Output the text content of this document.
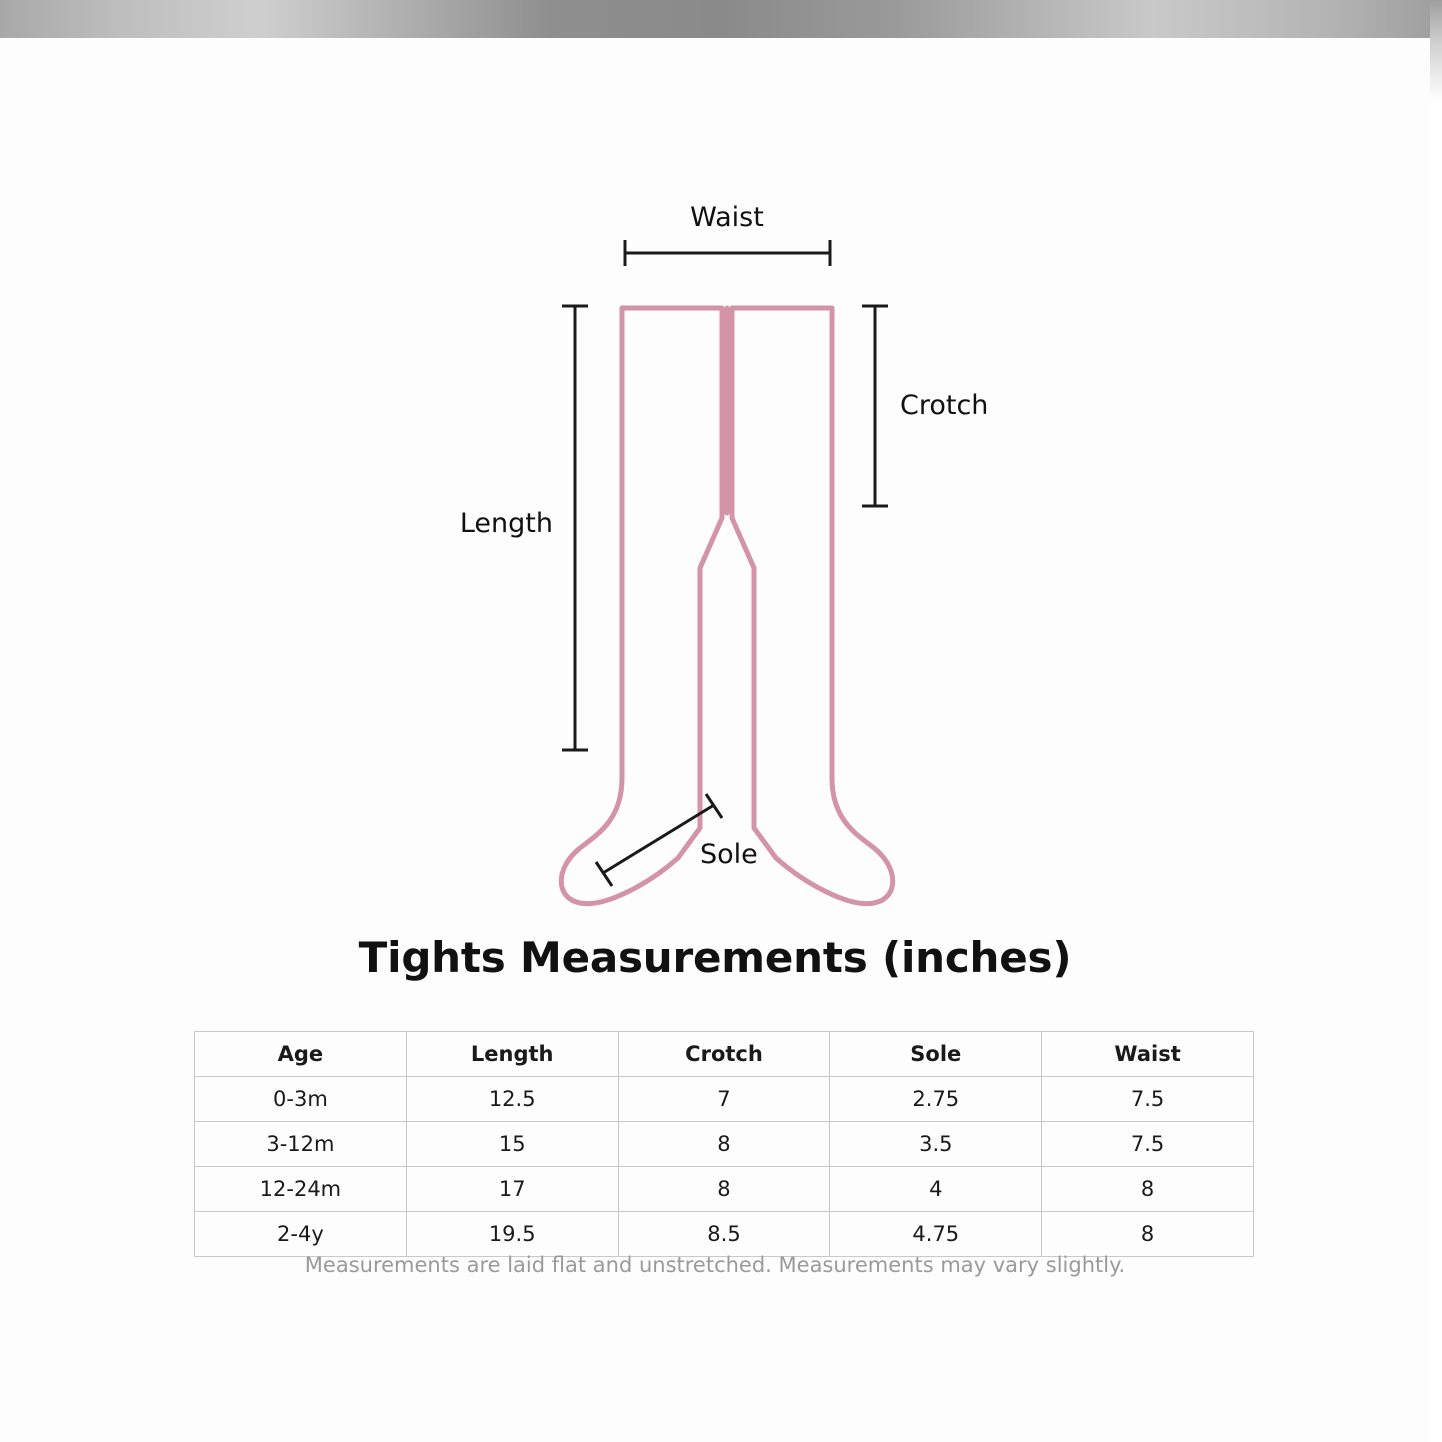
Waist
Crotch
Length
Sole
Tights Measurements (inches)
Age	Length	Crotch	Sole	Waist
0-3m	12.5	7	2.75	7.5
3-12m	15	8	3.5	7.5
12-24m	17	8	4	8
2-4y	19.5	8.5	4.75	8
Measurements are laid flat and unstretched. Measurements may vary slightly.
